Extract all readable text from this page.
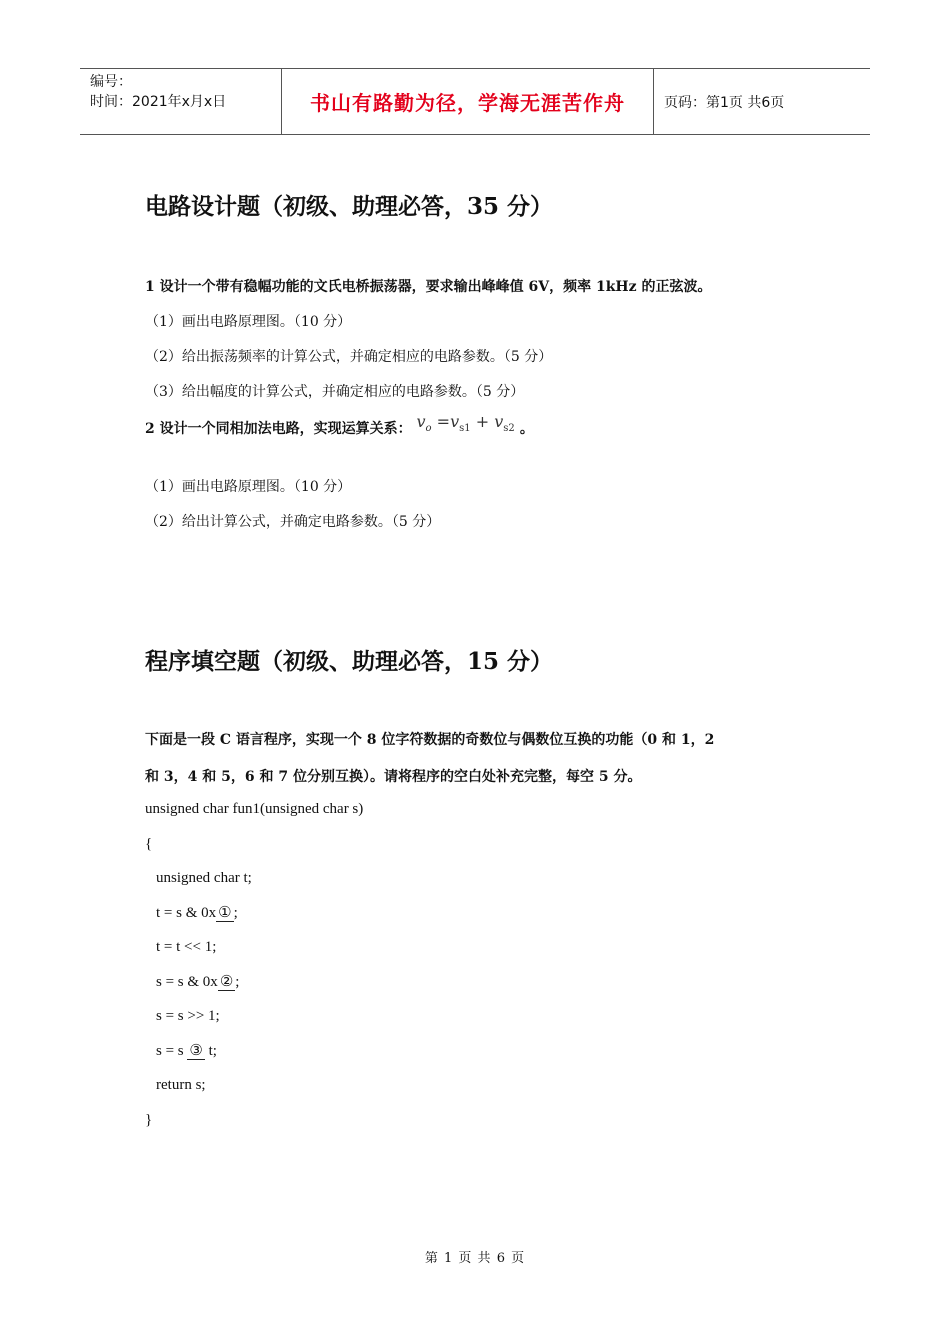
编号：
时间：2021年x月x日	书山有路勤为径，学海无涯苦作舟	页码：第1页 共6页
电路设计题（初级、助理必答，35 分）
1 设计一个带有稳幅功能的文氏电桥振荡器，要求输出峰峰值 6V，频率 1kHz 的正弦波。
（1）画出电路原理图。（10 分）
（2）给出振荡频率的计算公式，并确定相应的电路参数。（5 分）
（3）给出幅度的计算公式，并确定相应的电路参数。（5 分）
2 设计一个同相加法电路，实现运算关系： $v_o =v_{s1} + v_{s2}$ 。
（1）画出电路原理图。（10 分）
（2）给出计算公式，并确定电路参数。（5 分）
程序填空题（初级、助理必答，15 分）
下面是一段 C 语言程序，实现一个 8 位字符数据的奇数位与偶数位互换的功能（0 和 1，2
和 3，4 和 5，6 和 7 位分别互换）。请将程序的空白处补充完整，每空 5 分。
unsigned char fun1(unsigned char s)
{
unsigned char t;
t = s & 0x ① ;
t = t << 1;
s = s & 0x ② ;
s = s >> 1;
s = s ③ t;
return s;
}
第 1 页 共 6 页
